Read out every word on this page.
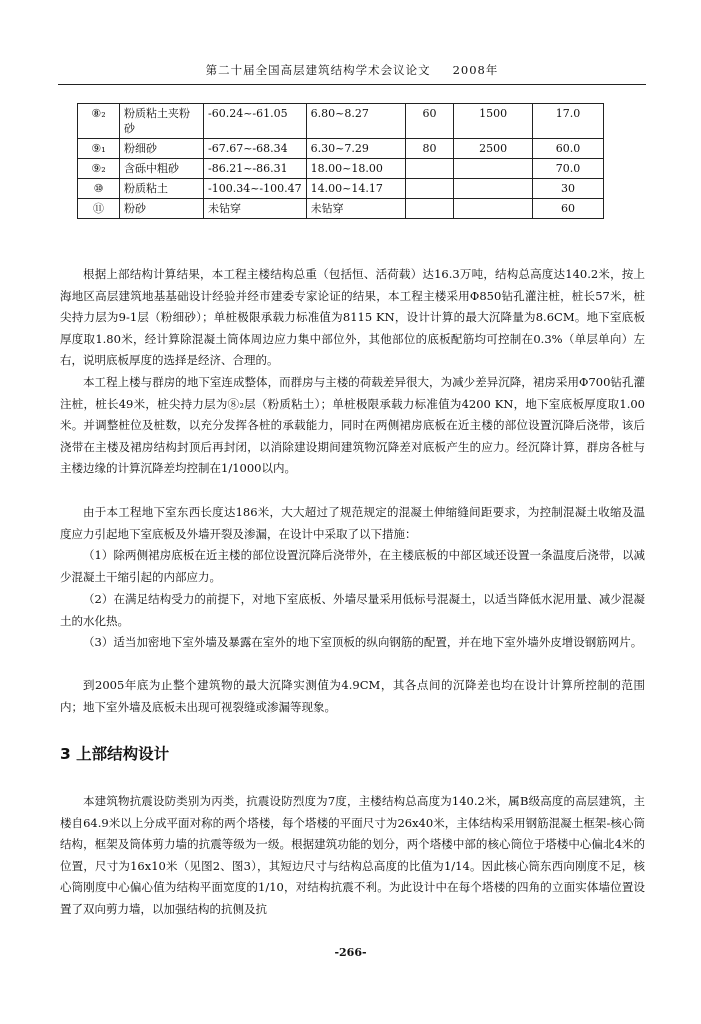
第二十届全国高层建筑结构学术会议论文 2008年
⑧₂	粉质粘土夹粉砂	-60.24~-61.05	6.80~8.27	60	1500	17.0
⑨₁	粉细砂	-67.67~-68.34	6.30~7.29	80	2500	60.0
⑨₂	含砾中粗砂	-86.21~-86.31	18.00~18.00			70.0
⑩	粉质粘土	-100.34~-100.47	14.00~14.17			30
⑪	粉砂	未钻穿	未钻穿			60

根据上部结构计算结果，本工程主楼结构总重（包括恒、活荷载）达16.3万吨，结构总高度达140.2米，按上海地区高层建筑地基基础设计经验并经市建委专家论证的结果，本工程主楼采用Φ850钻孔灌注桩，桩长57米，桩尖持力层为9-1层（粉细砂）；单桩极限承载力标准值为8115 KN，设计计算的最大沉降量为8.6CM。地下室底板厚度取1.80米，经计算除混凝土筒体周边应力集中部位外，其他部位的底板配筋均可控制在0.3%（单层单向）左右，说明底板厚度的选择是经济、合理的。

本工程上楼与群房的地下室连成整体，而群房与主楼的荷载差异很大，为减少差异沉降，裙房采用Φ700钻孔灌注桩，桩长49米，桩尖持力层为⑧₂层（粉质粘土）；单桩极限承载力标准值为4200 KN，地下室底板厚度取1.00米。并调整桩位及桩数，以充分发挥各桩的承载能力，同时在两侧裙房底板在近主楼的部位设置沉降后浇带，该后浇带在主楼及裙房结构封顶后再封闭，以消除建设期间建筑物沉降差对底板产生的应力。经沉降计算，群房各桩与主楼边缘的计算沉降差均控制在1/1000以内。

由于本工程地下室东西长度达186米，大大超过了规范规定的混凝土伸缩缝间距要求，为控制混凝土收缩及温度应力引起地下室底板及外墙开裂及渗漏，在设计中采取了以下措施：

（1）除两侧裙房底板在近主楼的部位设置沉降后浇带外，在主楼底板的中部区域还设置一条温度后浇带，以减少混凝土干缩引起的内部应力。

（2）在满足结构受力的前提下，对地下室底板、外墙尽量采用低标号混凝土，以适当降低水泥用量、减少混凝土的水化热。

（3）适当加密地下室外墙及暴露在室外的地下室顶板的纵向钢筋的配置，并在地下室外墙外皮增设钢筋网片。

到2005年底为止整个建筑物的最大沉降实测值为4.9CM，其各点间的沉降差也均在设计计算所控制的范围内；地下室外墙及底板未出现可视裂缝或渗漏等现象。

3 上部结构设计

本建筑物抗震设防类别为丙类，抗震设防烈度为7度，主楼结构总高度为140.2米，属B级高度的高层建筑，主楼自64.9米以上分成平面对称的两个塔楼，每个塔楼的平面尺寸为26x40米，主体结构采用钢筋混凝土框架-核心筒结构，框架及筒体剪力墙的抗震等级为一级。根据建筑功能的划分，两个塔楼中部的核心筒位于塔楼中心偏北4米的位置，尺寸为16x10米（见图2、图3），其短边尺寸与结构总高度的比值为1/14。因此核心筒东西向刚度不足，核心筒刚度中心偏心值为结构平面宽度的1/10，对结构抗震不利。为此设计中在每个塔楼的四角的立面实体墙位置设置了双向剪力墙，以加强结构的抗侧及抗

-266-
